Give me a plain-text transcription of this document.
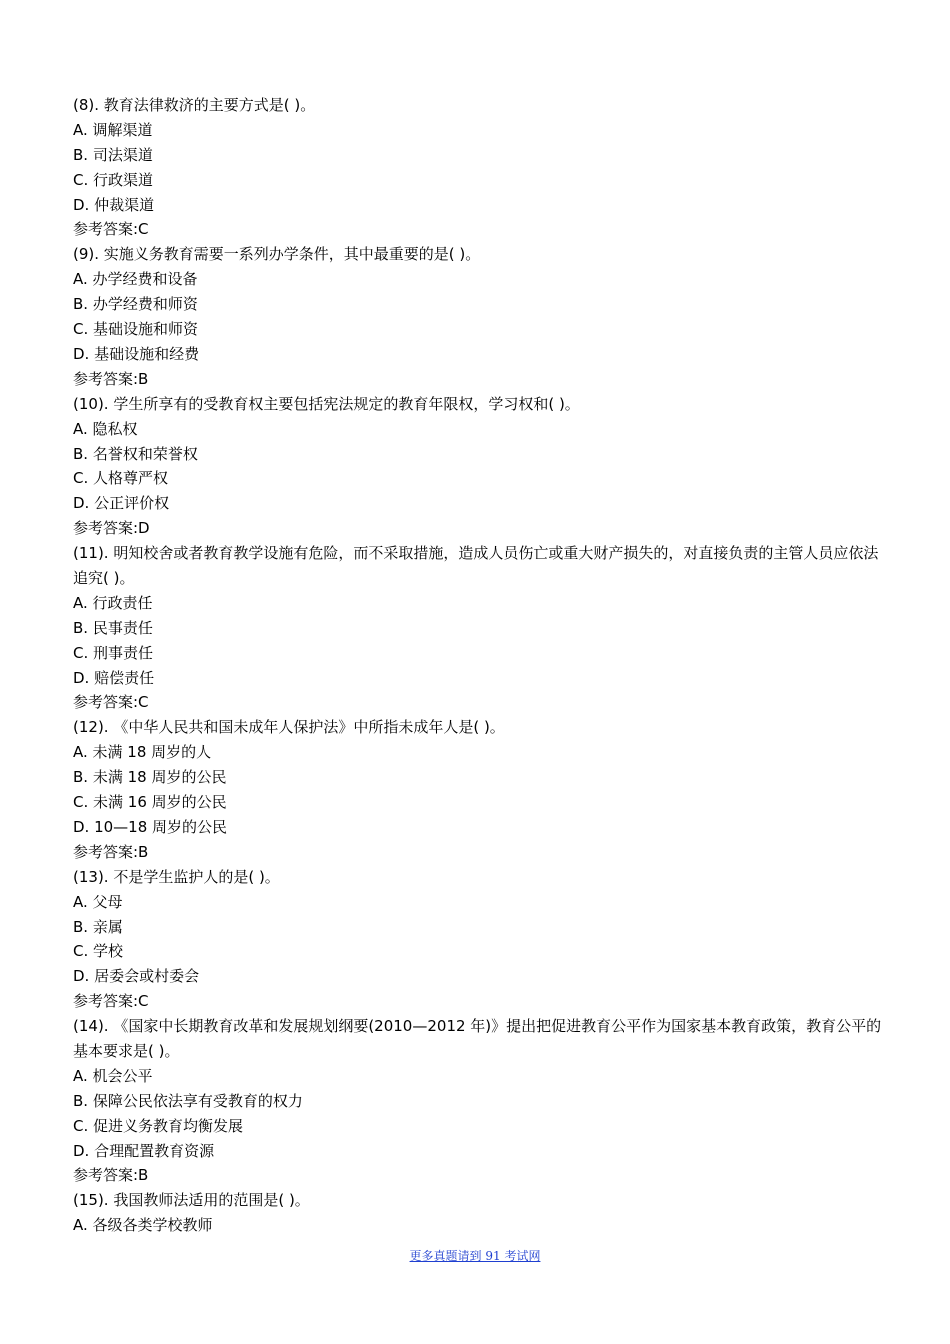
(8). 教育法律救济的主要方式是( )。
A. 调解渠道
B. 司法渠道
C. 行政渠道
D. 仲裁渠道
参考答案:C
(9). 实施义务教育需要一系列办学条件，其中最重要的是( )。
A. 办学经费和设备
B. 办学经费和师资
C. 基础设施和师资
D. 基础设施和经费
参考答案:B
(10). 学生所享有的受教育权主要包括宪法规定的教育年限权，学习权和( )。
A. 隐私权
B. 名誉权和荣誉权
C. 人格尊严权
D. 公正评价权
参考答案:D
(11). 明知校舍或者教育教学设施有危险，而不采取措施，造成人员伤亡或重大财产损失的，对直接负责的主管人员应依法追究( )。
A. 行政责任
B. 民事责任
C. 刑事责任
D. 赔偿责任
参考答案:C
(12). 《中华人民共和国未成年人保护法》中所指未成年人是( )。
A. 未满 18 周岁的人
B. 未满 18 周岁的公民
C. 未满 16 周岁的公民
D. 10—18 周岁的公民
参考答案:B
(13). 不是学生监护人的是( )。
A. 父母
B. 亲属
C. 学校
D. 居委会或村委会
参考答案:C
(14). 《国家中长期教育改革和发展规划纲要(2010—2012 年)》提出把促进教育公平作为国家基本教育政策，教育公平的基本要求是( )。
A. 机会公平
B. 保障公民依法享有受教育的权力
C. 促进义务教育均衡发展
D. 合理配置教育资源
参考答案:B
(15). 我国教师法适用的范围是( )。
A. 各级各类学校教师
更多真题请到 91 考试网
